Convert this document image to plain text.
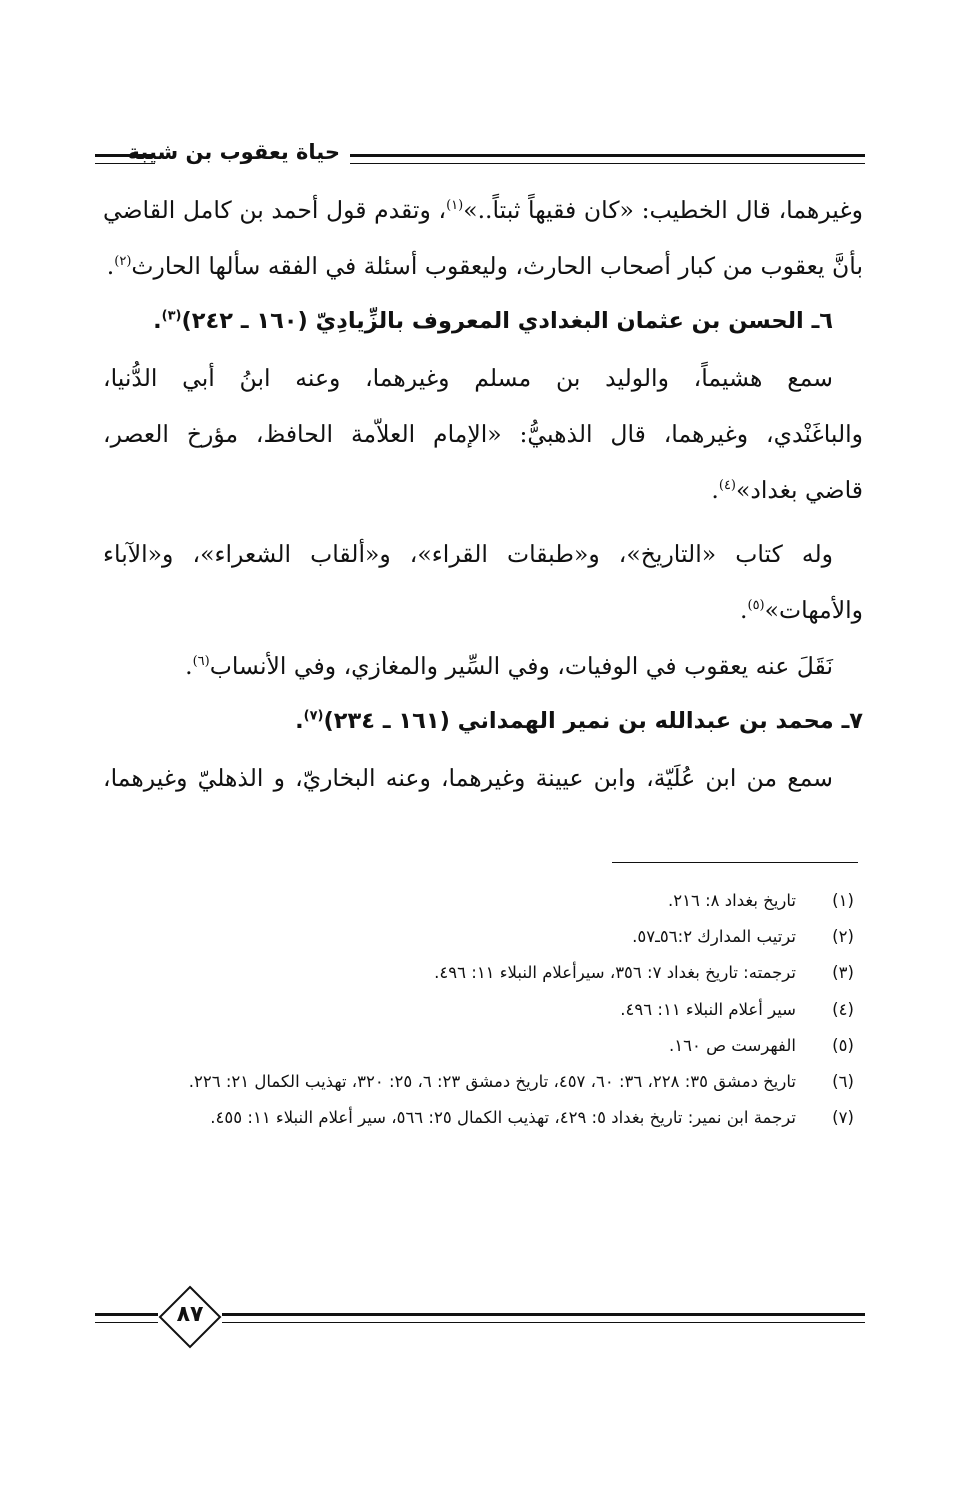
حياة يعقوب بن شيبة
وغيرهما، قال الخطيب: «كان فقيهاً ثبتاً..»$^{(١)}$، وتقدم قول أحمد بن كامل القاضي
بأنَّ يعقوب من كبار أصحاب الحارث، وليعقوب أسئلة في الفقه سألها الحارث$^{(٢)}$.
٦ـ الحسن بن عثمان البغدادي المعروف بالزِّيادِيّ (١٦٠ ـ ٢٤٢)$^{(٣)}$.
سمع هشيماً، والوليد بن مسلم وغيرهما، وعنه ابنُ أبي الدُّنيا،
والباغَنْدي، وغيرهما، قال الذهبيُّ: «الإمام العلاّمة الحافظ، مؤرخ العصر،
قاضي بغداد»$^{(٤)}$.
وله كتاب «التاريخ»، و«طبقات القراء»، و«ألقاب الشعراء»، و«الآباء
والأمهات»$^{(٥)}$.
نَقَلَ عنه يعقوب في الوفيات، وفي السِّير والمغازي، وفي الأنساب$^{(٦)}$.
٧ـ محمد بن عبدالله بن نمير الهمداني (١٦١ ـ ٢٣٤)$^{(٧)}$.
سمع من ابن عُلَيّة، وابن عيينة وغيرهما، وعنه البخاريّ، و الذهليّ وغيرهما،
(١)
تاريخ بغداد ٨: ٢١٦.
(٢)
ترتيب المدارك ٥٦:٢ـ٥٧.
(٣)
ترجمته: تاريخ بغداد ٧: ٣٥٦، سيرأعلام النبلاء ١١: ٤٩٦.
(٤)
سير أعلام النبلاء ١١: ٤٩٦.
(٥)
الفهرست ص ١٦٠.
(٦)
تاريخ دمشق ٣٥: ٢٢٨، ٣٦: ٦٠، ٤٥٧، تاريخ دمشق ٢٣: ٦، ٢٥: ٣٢٠، تهذيب الكمال ٢١: ٢٢٦.
(٧)
ترجمة ابن نمير: تاريخ بغداد ٥: ٤٢٩، تهذيب الكمال ٢٥: ٥٦٦، سير أعلام النبلاء ١١: ٤٥٥.
٨٧
